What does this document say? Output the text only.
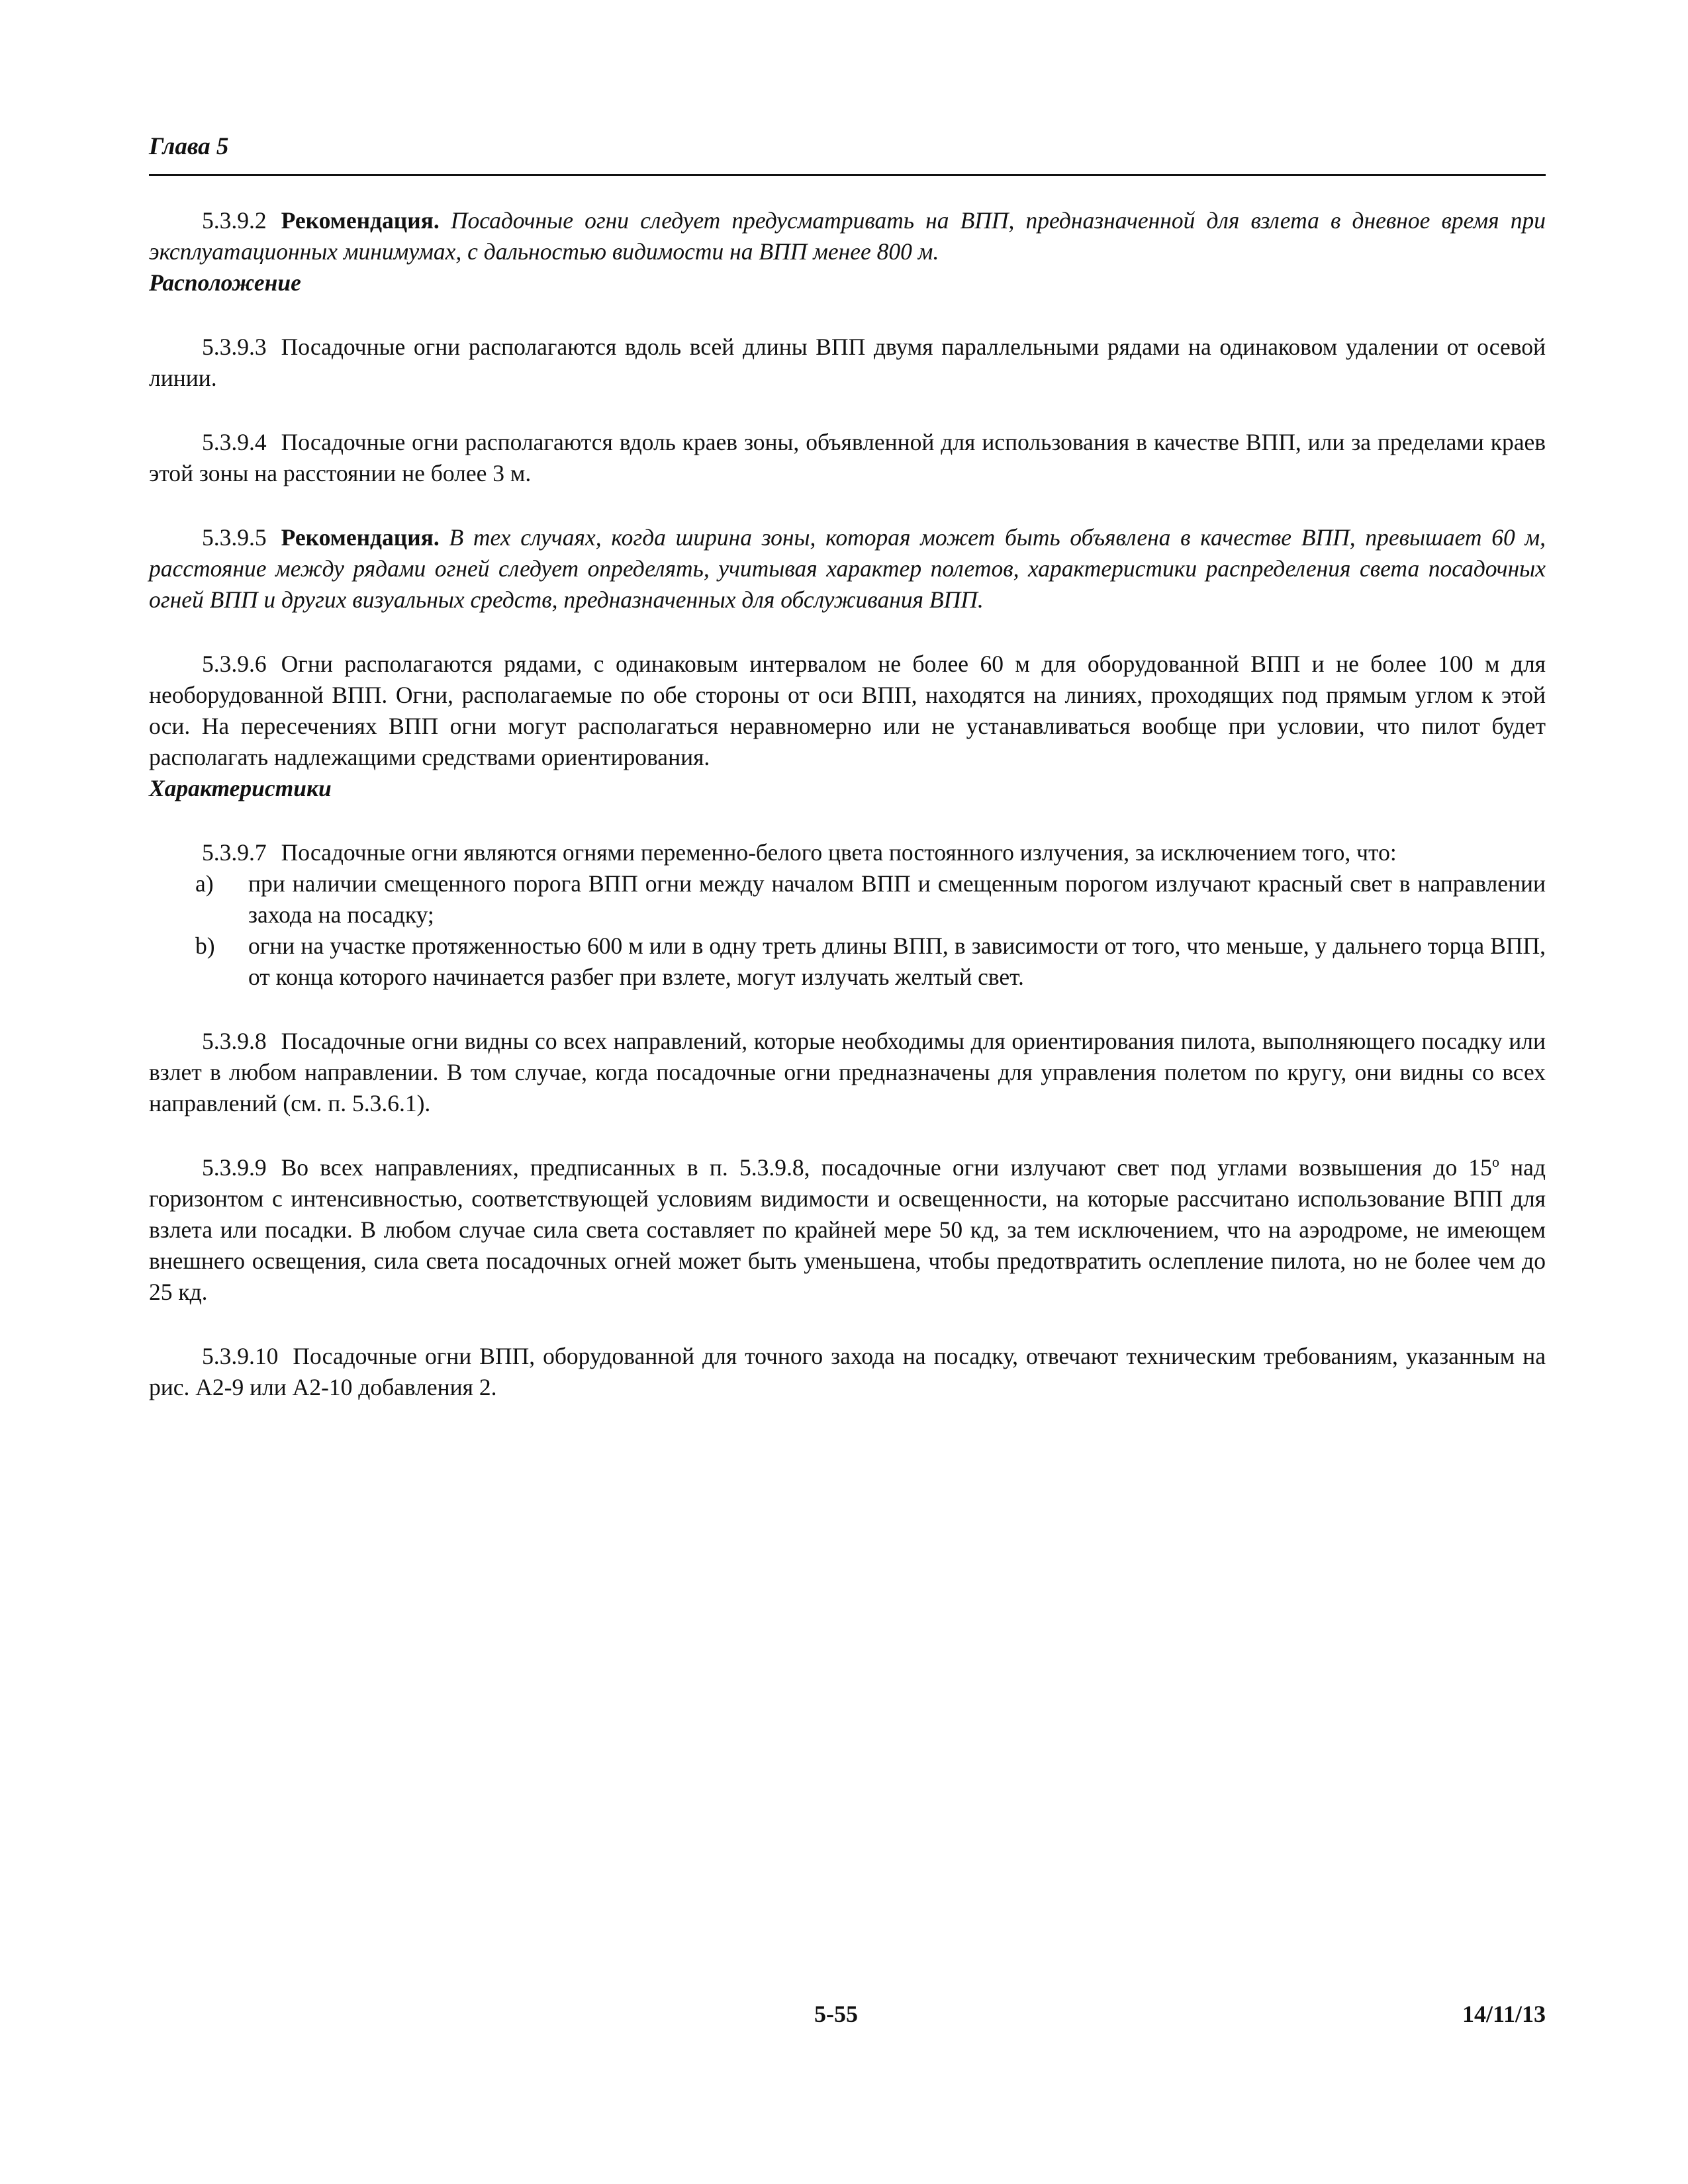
Глава 5

5.3.9.2 Рекомендация. Посадочные огни следует предусматривать на ВПП, предназначенной для взлета в дневное время при эксплуатационных минимумах, с дальностью видимости на ВПП менее 800 м.

Расположение

5.3.9.3 Посадочные огни располагаются вдоль всей длины ВПП двумя параллельными рядами на одинаковом удалении от осевой линии.

5.3.9.4 Посадочные огни располагаются вдоль краев зоны, объявленной для использования в качестве ВПП, или за пределами краев этой зоны на расстоянии не более 3 м.

5.3.9.5 Рекомендация. В тех случаях, когда ширина зоны, которая может быть объявлена в качестве ВПП, превышает 60 м, расстояние между рядами огней следует определять, учитывая характер полетов, характеристики распределения света посадочных огней ВПП и других визуальных средств, предназначенных для обслуживания ВПП.

5.3.9.6 Огни располагаются рядами, с одинаковым интервалом не более 60 м для оборудованной ВПП и не более 100 м для необорудованной ВПП. Огни, располагаемые по обе стороны от оси ВПП, находятся на линиях, проходящих под прямым углом к этой оси. На пересечениях ВПП огни могут располагаться неравномерно или не устанавливаться вообще при условии, что пилот будет располагать надлежащими средствами ориентирования.

Характеристики

5.3.9.7 Посадочные огни являются огнями переменно-белого цвета постоянного излучения, за исключением того, что:

a) при наличии смещенного порога ВПП огни между началом ВПП и смещенным порогом излучают красный свет в направлении захода на посадку;

b) огни на участке протяженностью 600 м или в одну треть длины ВПП, в зависимости от того, что меньше, у дальнего торца ВПП, от конца которого начинается разбег при взлете, могут излучать желтый свет.

5.3.9.8 Посадочные огни видны со всех направлений, которые необходимы для ориентирования пилота, выполняющего посадку или взлет в любом направлении. В том случае, когда посадочные огни предназначены для управления полетом по кругу, они видны со всех направлений (см. п. 5.3.6.1).

5.3.9.9 Во всех направлениях, предписанных в п. 5.3.9.8, посадочные огни излучают свет под углами возвышения до $15^о$ над горизонтом с интенсивностью, соответствующей условиям видимости и освещенности, на которые рассчитано использование ВПП для взлета или посадки. В любом случае сила света составляет по крайней мере 50 кд, за тем исключением, что на аэродроме, не имеющем внешнего освещения, сила света посадочных огней может быть уменьшена, чтобы предотвратить ослепление пилота, но не более чем до 25 кд.

5.3.9.10 Посадочные огни ВПП, оборудованной для точного захода на посадку, отвечают техническим требованиям, указанным на рис. А2-9 или А2-10 добавления 2.

5-55	14/11/13
